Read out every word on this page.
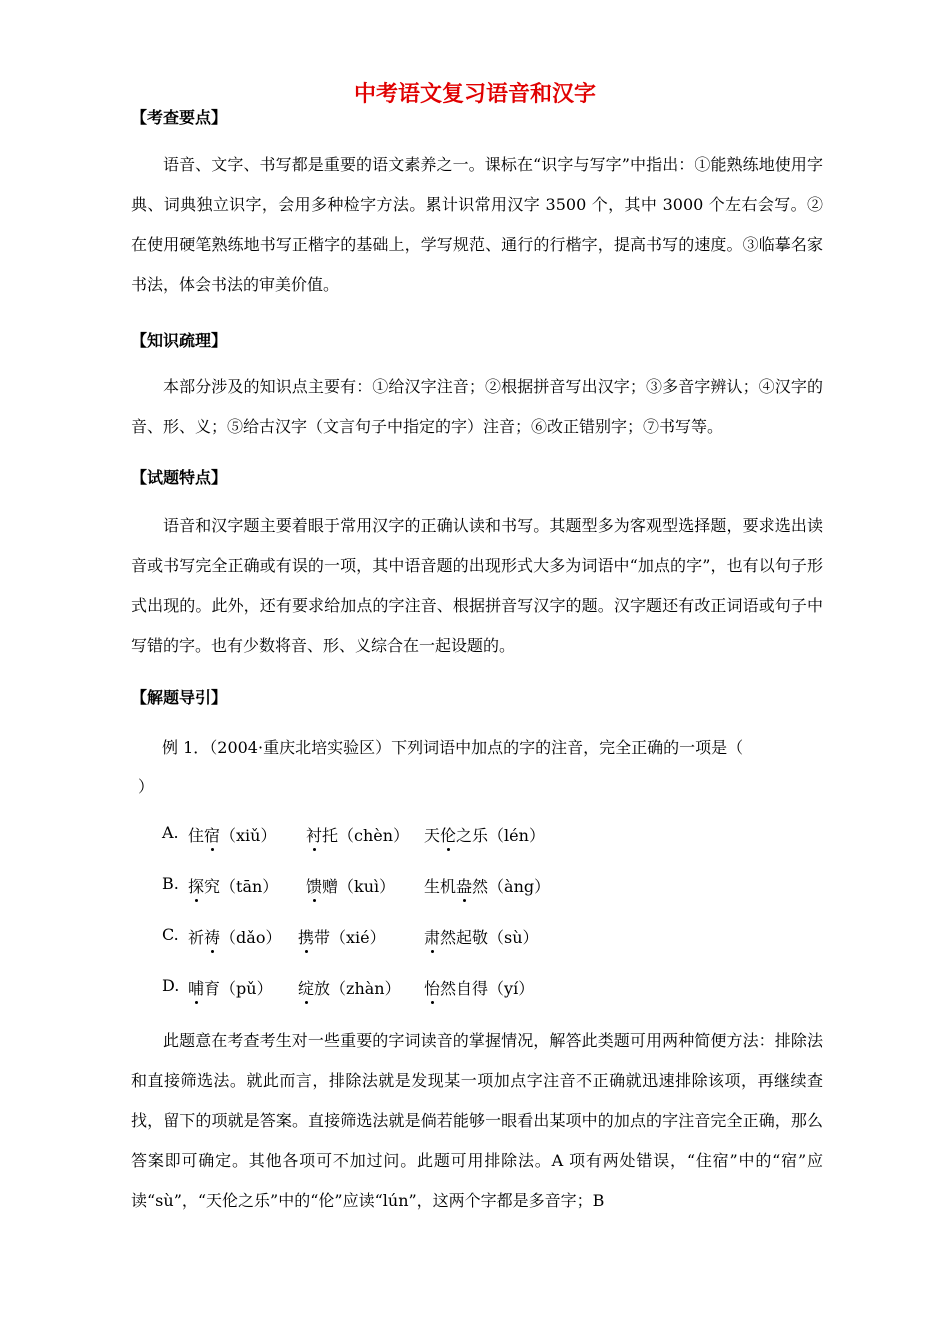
中考语文复习语音和汉字
【考查要点】
语音、文字、书写都是重要的语文素养之一。课标在“识字与写字”中指出：①能熟练地使用字典、词典独立识字，会用多种检字方法。累计识常用汉字 3500 个，其中 3000 个左右会写。②在使用硬笔熟练地书写正楷字的基础上，学写规范、通行的行楷字，提高书写的速度。③临摹名家书法，体会书法的审美价值。
【知识疏理】
本部分涉及的知识点主要有：①给汉字注音；②根据拼音写出汉字；③多音字辨认；④汉字的音、形、义；⑤给古汉字（文言句子中指定的字）注音；⑥改正错别字；⑦书写等。
【试题特点】
语音和汉字题主要着眼于常用汉字的正确认读和书写。其题型多为客观型选择题，要求选出读音或书写完全正确或有误的一项，其中语音题的出现形式大多为词语中“加点的字”，也有以句子形式出现的。此外，还有要求给加点的字注音、根据拼音写汉字的题。汉字题还有改正词语或句子中写错的字。也有少数将音、形、义综合在一起设题的。
【解题导引】
例 1．（2004·重庆北培实验区）下列词语中加点的字的注音，完全正确的一项是（
）
A. 住宿（xiǔ） 衬托（chèn） 天伦之乐（lén）
B. 探究（tān） 馈赠（kuì） 生机盎然（àng）
C. 祈祷（dǎo） 携带（xié） 肃然起敬（sù）
D. 哺育（pǔ） 绽放（zhàn） 怡然自得（yí）
此题意在考查考生对一些重要的字词读音的掌握情况，解答此类题可用两种简便方法：排除法和直接筛选法。就此而言，排除法就是发现某一项加点字注音不正确就迅速排除该项，再继续查找，留下的项就是答案。直接筛选法就是倘若能够一眼看出某项中的加点的字注音完全正确，那么答案即可确定。其他各项可不加过问。此题可用排除法。A 项有两处错误，“住宿”中的“宿”应读“sù”，“天伦之乐”中的“伦”应读“lún”，这两个字都是多音字；B
